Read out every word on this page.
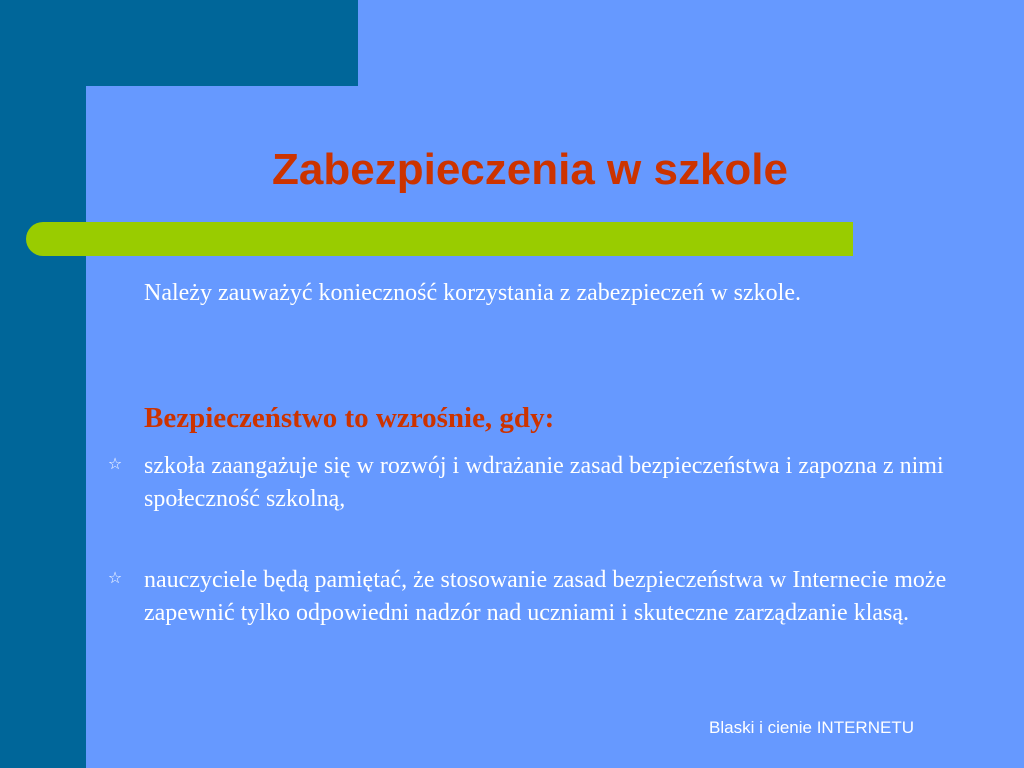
Zabezpieczenia w szkole

Należy zauważyć konieczność korzystania z zabezpieczeń w szkole.

Bezpieczeństwo to wzrośnie, gdy:

☆ szkoła zaangażuje się w rozwój i wdrażanie zasad bezpieczeństwa i zapozna z nimi społeczność szkolną,
☆ nauczyciele będą pamiętać, że stosowanie zasad bezpieczeństwa w Internecie może zapewnić tylko odpowiedni nadzór nad uczniami i skuteczne zarządzanie klasą.
Blaski i cienie INTERNETU
